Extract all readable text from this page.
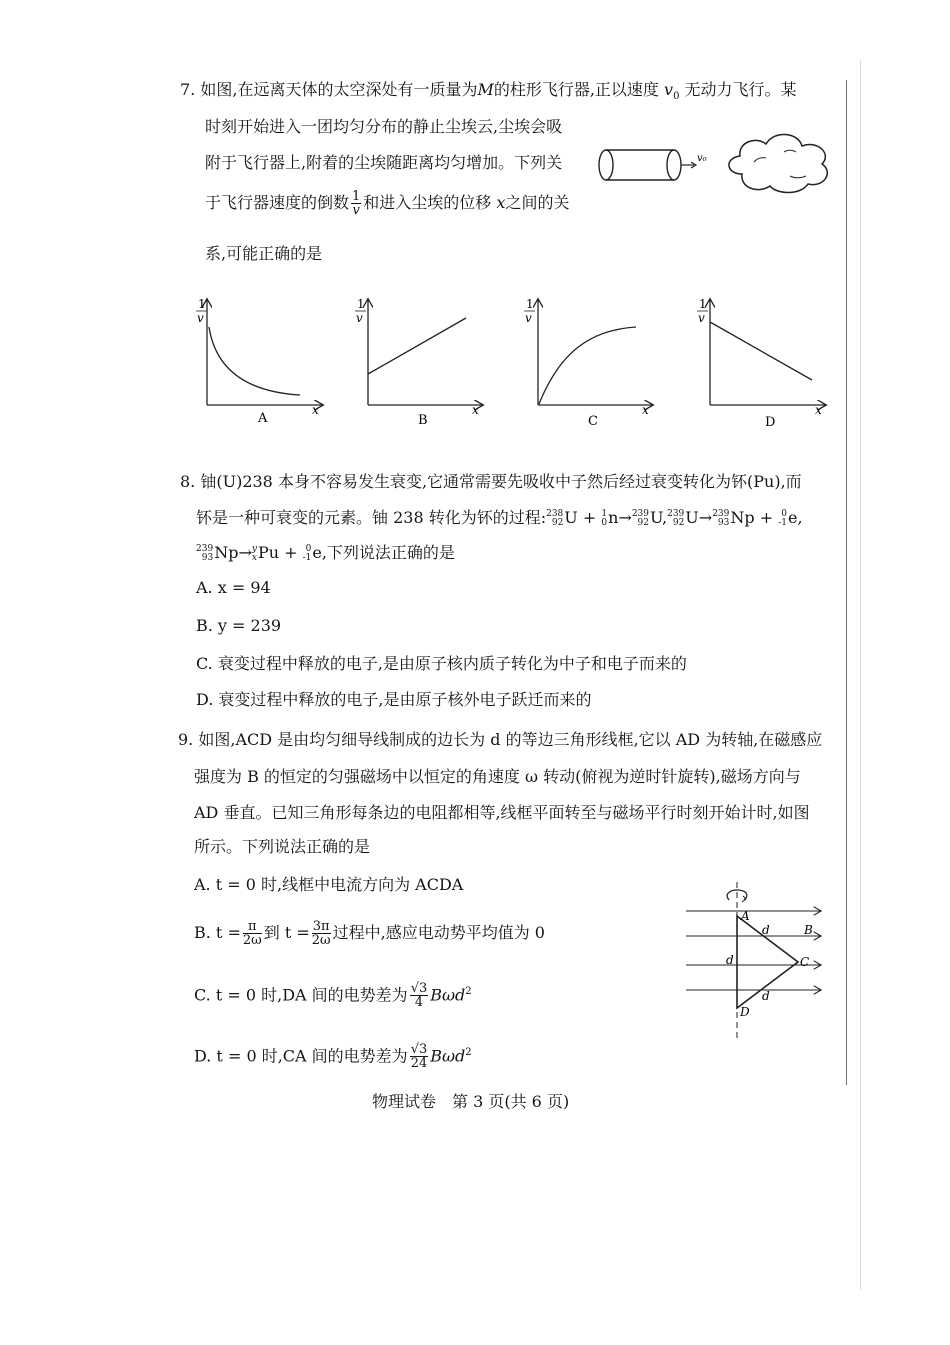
7. 如图,在远离天体的太空深处有一质量为M的柱形飞行器,正以速度 $v_0$ 无动力飞行。某
时刻开始进入一团均匀分布的静止尘埃云,尘埃会吸
附于飞行器上,附着的尘埃随距离均匀增加。下列关
于飞行器速度的倒数 $\frac{1}{v}$ 和进入尘埃的位移 x之间的关
系,可能正确的是
v₀
1
v
x
A
1
v
x
B
1
v
x
C
1
v
x
D
8. 铀(U)238 本身不容易发生衰变,它通常需要先吸收中子然后经过衰变转化为钚(Pu),而
钚是一种可衰变的元素。铀 238 转化为钚的过程: 238
92 U + 1
0 n→ 239
92 U, 239
92 U→ 239
93 Np + 0
-1 e,
239
93 Np→ y
x Pu + 0
-1 e,下列说法正确的是
A. x = 94
B. y = 239
C. 衰变过程中释放的电子,是由原子核内质子转化为中子和电子而来的
D. 衰变过程中释放的电子,是由原子核外电子跃迁而来的
9. 如图,ACD 是由均匀细导线制成的边长为 d 的等边三角形线框,它以 AD 为转轴,在磁感应
强度为 B 的恒定的匀强磁场中以恒定的角速度 ω 转动(俯视为逆时针旋转),磁场方向与
AD 垂直。已知三角形每条边的电阻都相等,线框平面转至与磁场平行时刻开始计时,如图
所示。下列说法正确的是
A. t = 0 时,线框中电流方向为 ACDA
B. $t = \frac{\pi}{2\omega}$ 到 $t = \frac{3\pi}{2\omega}$ 过程中,感应电动势平均值为 0
C. t = 0 时,DA 间的电势差为 $\frac{√3}{4} B\omega d^2$
D. t = 0 时,CA 间的电势差为 $\frac{√3}{24} B\omega d^2$
A
B
C
D
d
d
d
物理试卷　第 3 页(共 6 页)
